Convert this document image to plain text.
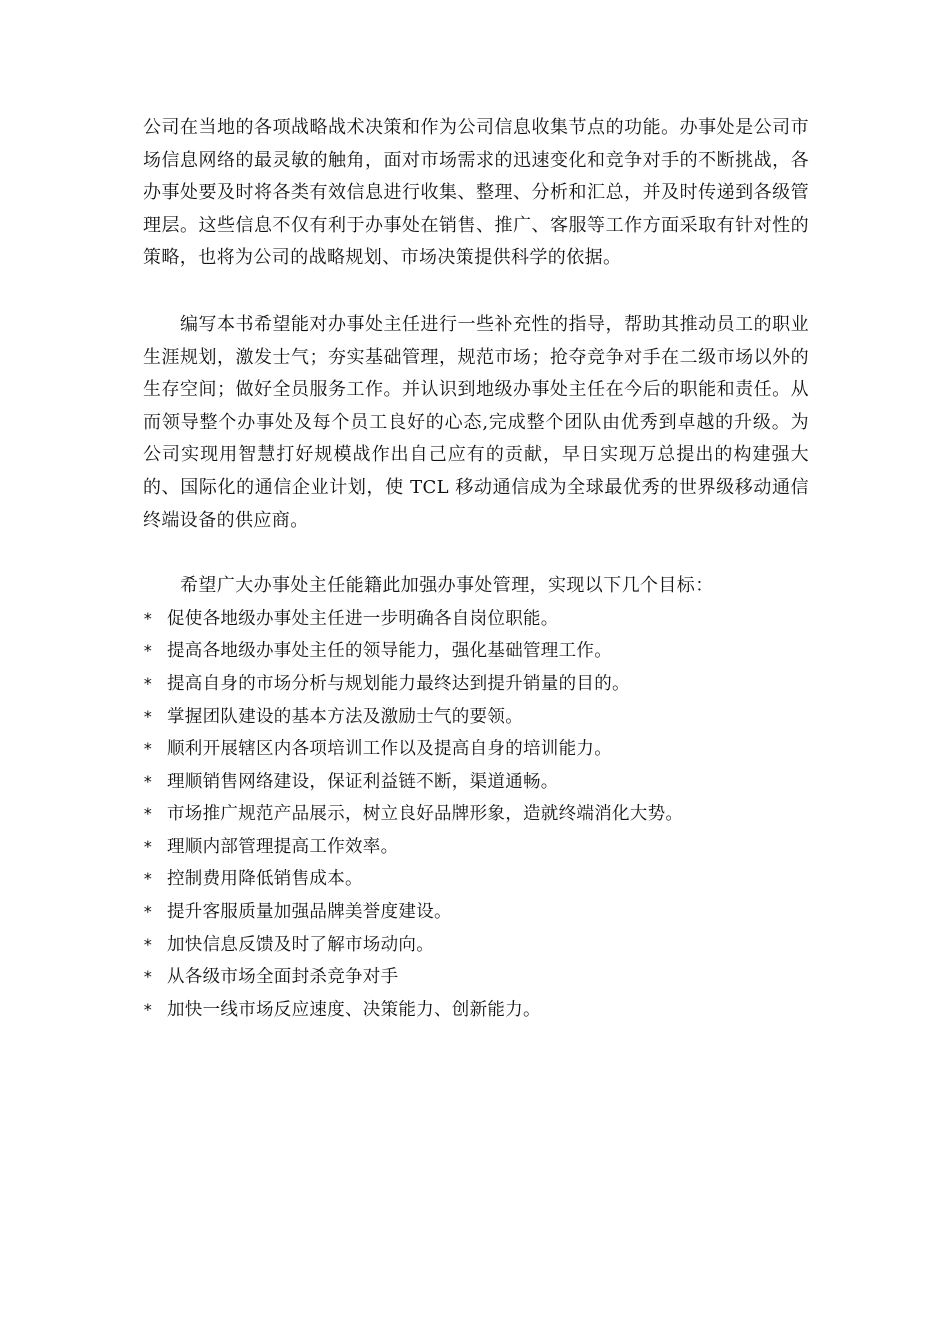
公司在当地的各项战略战术决策和作为公司信息收集节点的功能。办事处是公司市场信息网络的最灵敏的触角，面对市场需求的迅速变化和竞争对手的不断挑战，各办事处要及时将各类有效信息进行收集、整理、分析和汇总，并及时传递到各级管理层。这些信息不仅有利于办事处在销售、推广、客服等工作方面采取有针对性的策略，也将为公司的战略规划、市场决策提供科学的依据。

编写本书希望能对办事处主任进行一些补充性的指导，帮助其推动员工的职业生涯规划，激发士气；夯实基础管理，规范市场；抢夺竞争对手在二级市场以外的生存空间；做好全员服务工作。并认识到地级办事处主任在今后的职能和责任。从而领导整个办事处及每个员工良好的心态,完成整个团队由优秀到卓越的升级。为公司实现用智慧打好规模战作出自己应有的贡献，早日实现万总提出的构建强大的、国际化的通信企业计划，使 TCL 移动通信成为全球最优秀的世界级移动通信终端设备的供应商。

希望广大办事处主任能籍此加强办事处管理，实现以下几个目标：

* 促使各地级办事处主任进一步明确各自岗位职能。
* 提高各地级办事处主任的领导能力，强化基础管理工作。
* 提高自身的市场分析与规划能力最终达到提升销量的目的。
* 掌握团队建设的基本方法及激励士气的要领。
* 顺利开展辖区内各项培训工作以及提高自身的培训能力。
* 理顺销售网络建设，保证利益链不断，渠道通畅。
* 市场推广规范产品展示，树立良好品牌形象，造就终端消化大势。
* 理顺内部管理提高工作效率。
* 控制费用降低销售成本。
* 提升客服质量加强品牌美誉度建设。
* 加快信息反馈及时了解市场动向。
* 从各级市场全面封杀竞争对手
* 加快一线市场反应速度、决策能力、创新能力。
